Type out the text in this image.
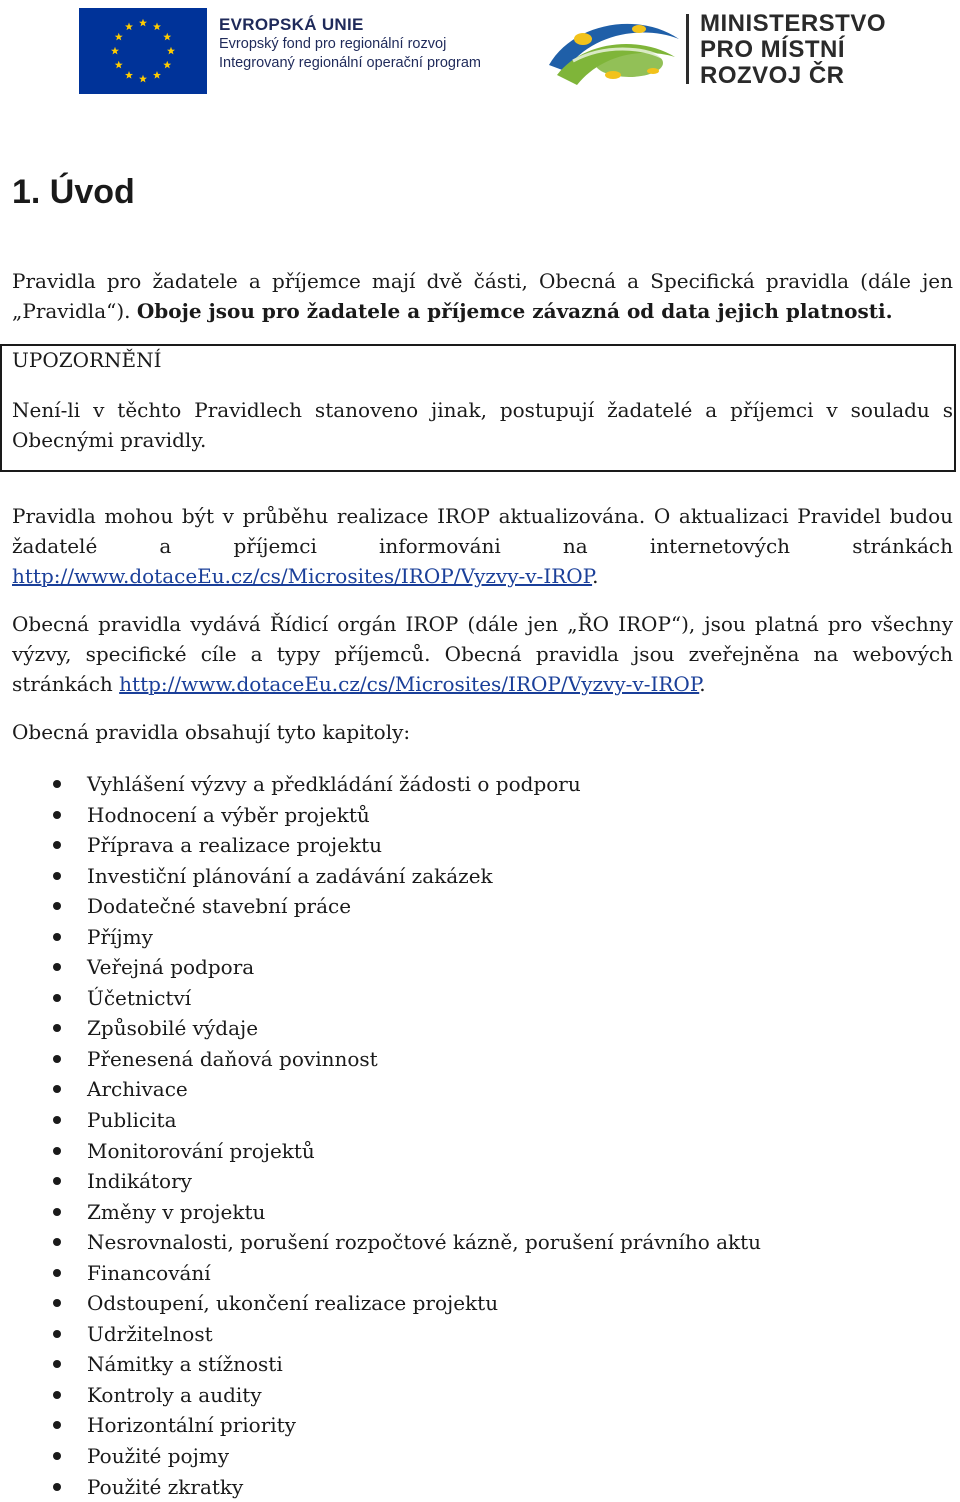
EVROPSKÁ UNIE
Evropský fond pro regionální rozvoj
Integrovaný regionální operační program
MINISTERSTVO
PRO MÍSTNÍ
ROZVOJ ČR
1. Úvod

Pravidla pro žadatele a příjemce mají dvě části, Obecná a Specifická pravidla (dále jen „Pravidla“). Oboje jsou pro žadatele a příjemce závazná od data jejich platnosti.

UPOZORNĚNÍ

Není-li v těchto Pravidlech stanoveno jinak, postupují žadatelé a příjemci v souladu s Obecnými pravidly.

Pravidla mohou být v průběhu realizace IROP aktualizována. O aktualizaci Pravidel budou žadatelé a příjemci informováni na internetových stránkách http://www.dotaceEu.cz/cs/Microsites/IROP/Vyzvy-v-IROP.

Obecná pravidla vydává Řídicí orgán IROP (dále jen „ŘO IROP“), jsou platná pro všechny výzvy, specifické cíle a typy příjemců. Obecná pravidla jsou zveřejněna na webových stránkách http://www.dotaceEu.cz/cs/Microsites/IROP/Vyzvy-v-IROP.

Obecná pravidla obsahují tyto kapitoly:

Vyhlášení výzvy a předkládání žádosti o podporu
Hodnocení a výběr projektů
Příprava a realizace projektu
Investiční plánování a zadávání zakázek
Dodatečné stavební práce
Příjmy
Veřejná podpora
Účetnictví
Způsobilé výdaje
Přenesená daňová povinnost
Archivace
Publicita
Monitorování projektů
Indikátory
Změny v projektu
Nesrovnalosti, porušení rozpočtové kázně, porušení právního aktu
Financování
Odstoupení, ukončení realizace projektu
Udržitelnost
Námitky a stížnosti
Kontroly a audity
Horizontální priority
Použité pojmy
Použité zkratky
